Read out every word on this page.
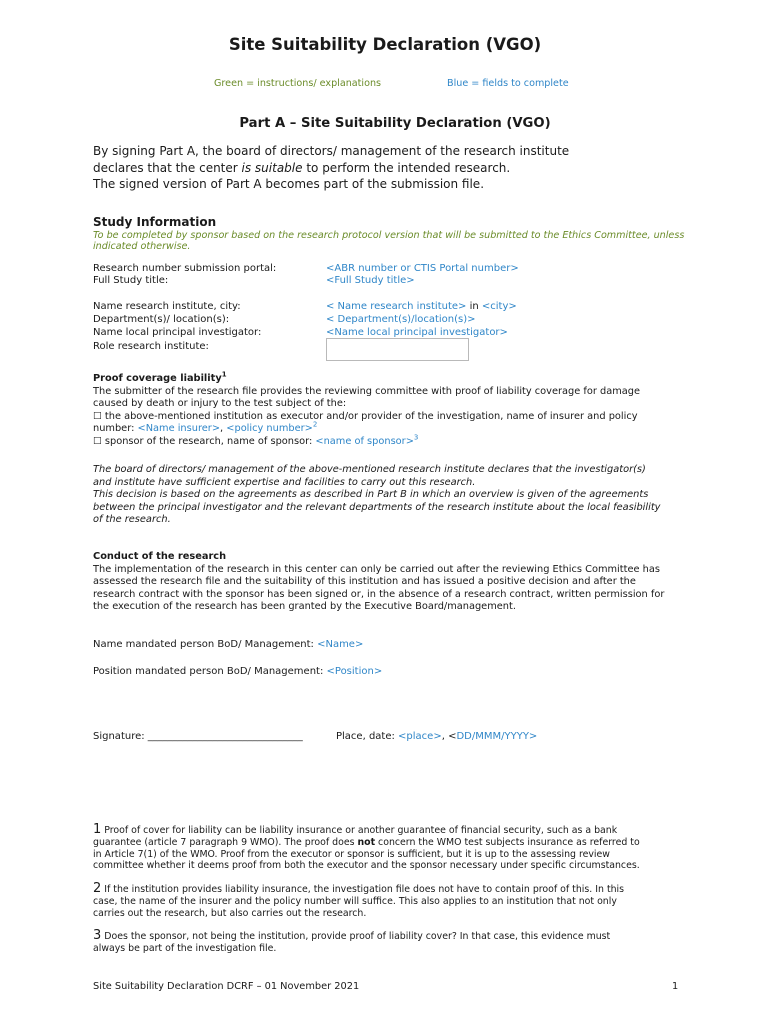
Site Suitability Declaration (VGO)
Green = instructions/ explanations	Blue = fields to complete
Part A – Site Suitability Declaration (VGO)
By signing Part A, the board of directors/ management of the research institute
declares that the center is suitable to perform the intended research.
The signed version of Part A becomes part of the submission file.
Study Information
To be completed by sponsor based on the research protocol version that will be submitted to the Ethics Committee, unless indicated otherwise.
Research number submission portal:	<ABR number or CTIS Portal number>
Full Study title:	<Full Study title>
Name research institute, city:	< Name research institute> in <city>
Department(s)/ location(s):	< Department(s)/location(s)>
Name local principal investigator:	<Name local principal investigator>
Role research institute:
Proof coverage liability$^1$
The submitter of the research file provides the reviewing committee with proof of liability coverage for damage
caused by death or injury to the test subject of the:
☐ the above-mentioned institution as executor and/or provider of the investigation, name of insurer and policy
number: <Name insurer>, <policy number>$^2$
☐ sponsor of the research, name of sponsor: <name of sponsor>$^3$
The board of directors/ management of the above-mentioned research institute declares that the investigator(s)
and institute have sufficient expertise and facilities to carry out this research.
This decision is based on the agreements as described in Part B in which an overview is given of the agreements
between the principal investigator and the relevant departments of the research institute about the local feasibility
of the research.
Conduct of the research
The implementation of the research in this center can only be carried out after the reviewing Ethics Committee has
assessed the research file and the suitability of this institution and has issued a positive decision and after the
research contract with the sponsor has been signed or, in the absence of a research contract, written permission for
the execution of the research has been granted by the Executive Board/management.
Name mandated person BoD/ Management: <Name>
Position mandated person BoD/ Management: <Position>
Signature: _______________________________	Place, date: <place>, <DD/MMM/YYYY>
1 Proof of cover for liability can be liability insurance or another guarantee of financial security, such as a bank
guarantee (article 7 paragraph 9 WMO). The proof does not concern the WMO test subjects insurance as referred to
in Article 7(1) of the WMO. Proof from the executor or sponsor is sufficient, but it is up to the assessing review
committee whether it deems proof from both the executor and the sponsor necessary under specific circumstances.
2 If the institution provides liability insurance, the investigation file does not have to contain proof of this. In this
case, the name of the insurer and the policy number will suffice. This also applies to an institution that not only
carries out the research, but also carries out the research.
3 Does the sponsor, not being the institution, provide proof of liability cover? In that case, this evidence must
always be part of the investigation file.
Site Suitability Declaration DCRF – 01 November 2021	1
